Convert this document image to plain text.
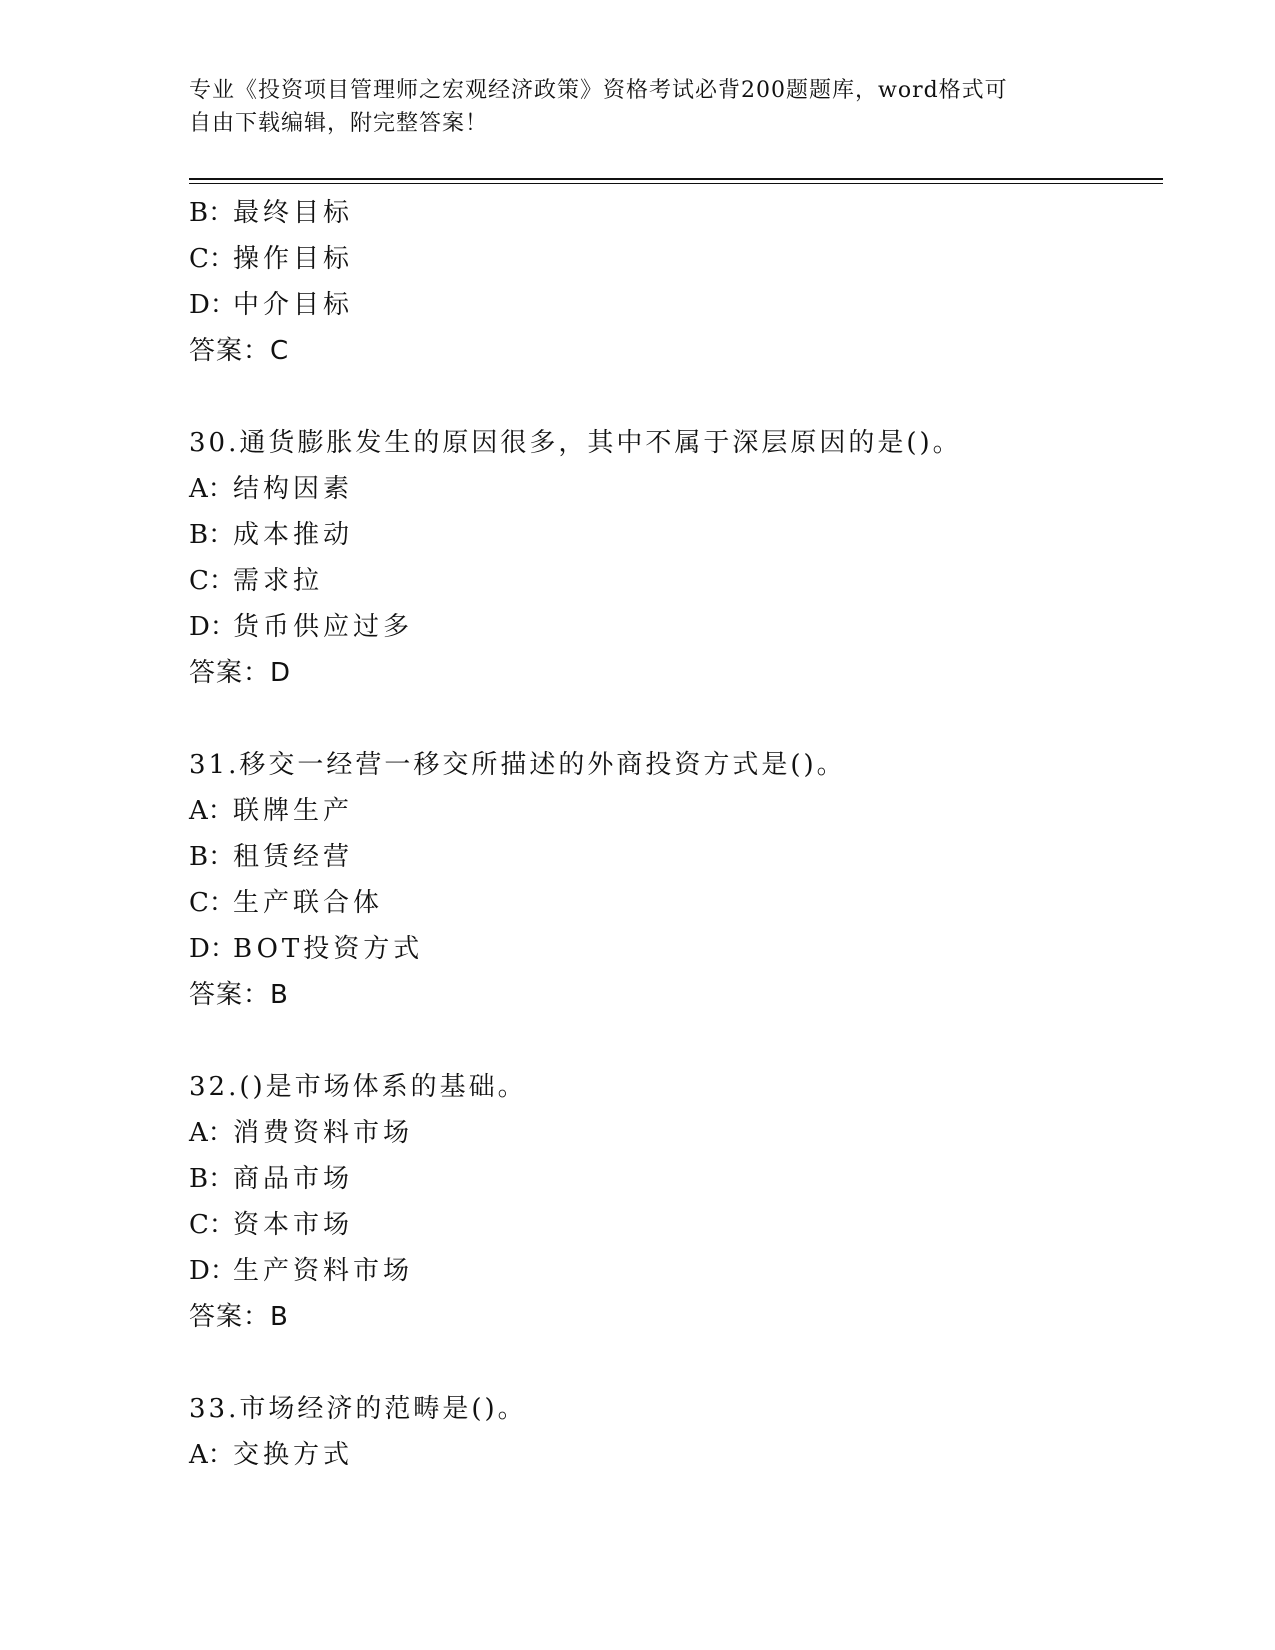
专业《投资项目管理师之宏观经济政策》资格考试必背200题题库，word格式可
自由下载编辑，附完整答案！
B：最终目标
C：操作目标
D：中介目标
答案：C
30.通货膨胀发生的原因很多，其中不属于深层原因的是()。
A：结构因素
B：成本推动
C：需求拉
D：货币供应过多
答案：D
31.移交一经营一移交所描述的外商投资方式是()。
A：联牌生产
B：租赁经营
C：生产联合体
D：BOT投资方式
答案：B
32.()是市场体系的基础。
A：消费资料市场
B：商品市场
C：资本市场
D：生产资料市场
答案：B
33.市场经济的范畴是()。
A：交换方式
